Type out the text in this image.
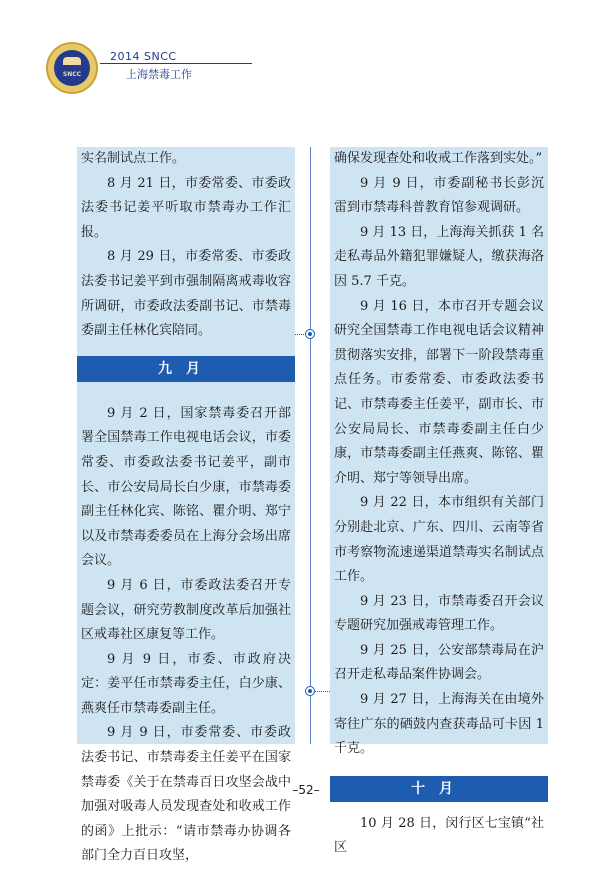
SNCC
2014 SNCC
上海禁毒工作

实名制试点工作。

8 月 21 日，市委常委、市委政法委书记姜平听取市禁毒办工作汇报。

8 月 29 日，市委常委、市委政法委书记姜平到市强制隔离戒毒收容所调研，市委政法委副书记、市禁毒委副主任林化宾陪同。

九月

9 月 2 日，国家禁毒委召开部署全国禁毒工作电视电话会议，市委常委、市委政法委书记姜平，副市长、市公安局局长白少康，市禁毒委副主任林化宾、陈铭、瞿介明、郑宁以及市禁毒委委员在上海分会场出席会议。

9 月 6 日，市委政法委召开专题会议，研究劳教制度改革后加强社区戒毒社区康复等工作。

9 月 9 日，市委、市政府决定：姜平任市禁毒委主任，白少康、燕爽任市禁毒委副主任。

9 月 9 日，市委常委、市委政法委书记、市禁毒委主任姜平在国家禁毒委《关于在禁毒百日攻坚会战中加强对吸毒人员发现查处和收戒工作的函》上批示：“请市禁毒办协调各部门全力百日攻坚，

确保发现查处和收戒工作落到实处。”

9 月 9 日，市委副秘书长彭沉雷到市禁毒科普教育馆参观调研。

9 月 13 日，上海海关抓获 1 名走私毒品外籍犯罪嫌疑人，缴获海洛因 5.7 千克。

9 月 16 日，本市召开专题会议研究全国禁毒工作电视电话会议精神贯彻落实安排，部署下一阶段禁毒重点任务。市委常委、市委政法委书记、市禁毒委主任姜平，副市长、市公安局局长、市禁毒委副主任白少康，市禁毒委副主任燕爽、陈铭、瞿介明、郑宁等领导出席。

9 月 22 日，本市组织有关部门分别赴北京、广东、四川、云南等省市考察物流速递渠道禁毒实名制试点工作。

9 月 23 日，市禁毒委召开会议专题研究加强戒毒管理工作。

9 月 25 日，公安部禁毒局在沪召开走私毒品案件协调会。

9 月 27 日，上海海关在由境外寄往广东的硒鼓内查获毒品可卡因 1 千克。

十月

10 月 28 日，闵行区七宝镇“社区

–52–
